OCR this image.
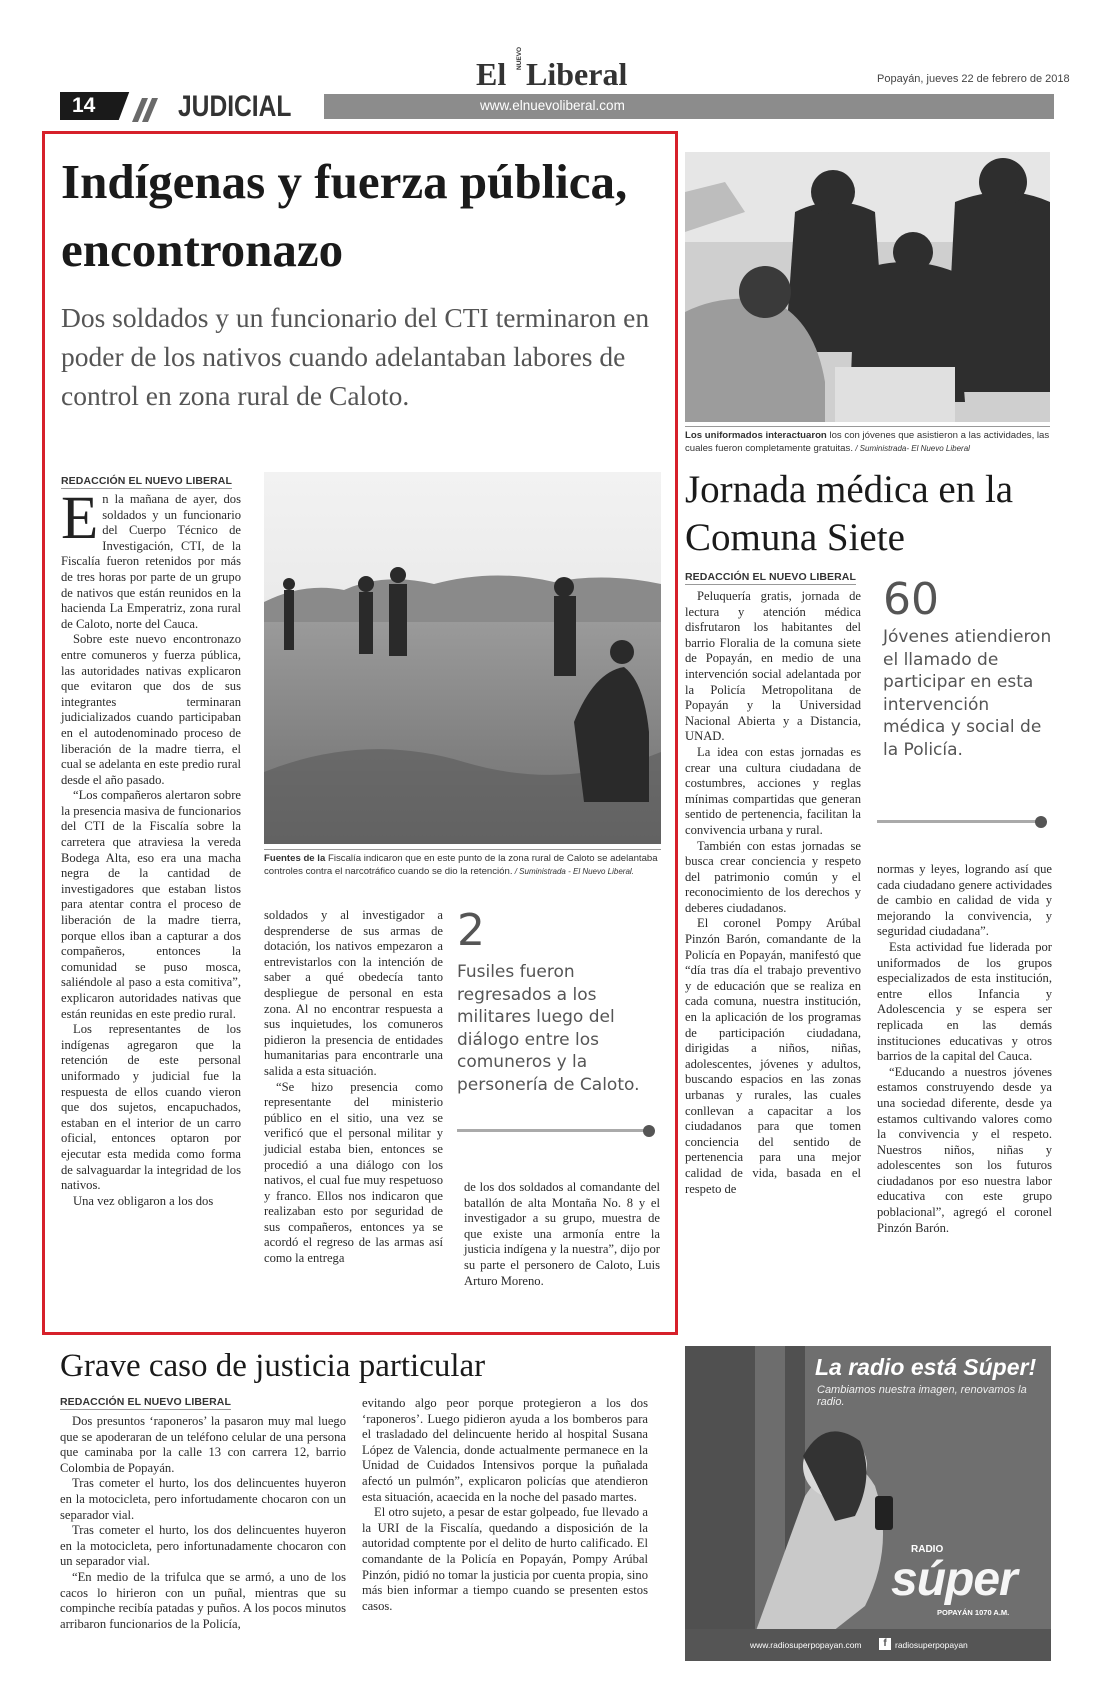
14	JUDICIAL
El NUEVO Liberal
www.elnuevoliberal.com
Popayán, jueves 22 de febrero de 2018
Indígenas y fuerza pública, encontronazo
Dos soldados y un funcionario del CTI terminaron en poder de los nativos cuando adelantaban labores de control en zona rural de Caloto.
REDACCIÓN EL NUEVO LIBERAL
E n la mañana de ayer, dos soldados y un funcionario del Cuerpo Técnico de Investigación, CTI, de la Fiscalía fueron retenidos por más de tres horas por parte de un grupo de nativos que están reunidos en la hacienda La Emperatriz, zona rural de Caloto, norte del Cauca.

Sobre este nuevo encontronazo entre comuneros y fuerza pública, las autoridades nativas explicaron que evitaron que dos de sus integrantes terminaran judicializados cuando participaban en el autodenominado proceso de liberación de la madre tierra, el cual se adelanta en este predio rural desde el año pasado.

“Los compañeros alertaron sobre la presencia masiva de funcionarios del CTI de la Fiscalía sobre la carretera que atraviesa la vereda Bodega Alta, eso era una macha negra de la cantidad de investigadores que estaban listos para atentar contra el proceso de liberación de la madre tierra, porque ellos iban a capturar a dos compañeros, entonces la comunidad se puso mosca, saliéndole al paso a esta comitiva”, explicaron autoridades nativas que están reunidas en este predio rural.

Los representantes de los indígenas agregaron que la retención de este personal uniformado y judicial fue la respuesta de ellos cuando vieron que dos sujetos, encapuchados, estaban en el interior de un carro oficial, entonces optaron por ejecutar esta medida como forma de salvaguardar la integridad de los nativos.

Una vez obligaron a los dos

Fuentes de la Fiscalía indicaron que en este punto de la zona rural de Caloto se adelantaba controles contra el narcotráfico cuando se dio la retención. / Suministrada - El Nuevo Liberal.

soldados y al investigador a desprenderse de sus armas de dotación, los nativos empezaron a entrevistarlos con la intención de saber a qué obedecía tanto despliegue de personal en esta zona. Al no encontrar respuesta a sus inquietudes, los comuneros pidieron la presencia de entidades humanitarias para encontrarle una salida a esta situación.

“Se hizo presencia como representante del ministerio público en el sitio, una vez se verificó que el personal militar y judicial estaba bien, entonces se procedió a una diálogo con los nativos, el cual fue muy respetuoso y franco. Ellos nos indicaron que realizaban esto por seguridad de sus compañeros, entonces ya se acordó el regreso de las armas así como la entrega

2
Fusiles fueron regresados a los militares luego del diálogo entre los comuneros y la personería de Caloto.

de los dos soldados al comandante del batallón de alta Montaña No. 8 y el investigador a su grupo, muestra de que existe una armonía entre la justicia indígena y la nuestra”, dijo por su parte el personero de Caloto, Luis Arturo Moreno.

Los uniformados interactuaron los con jóvenes que asistieron a las actividades, las cuales fueron completamente gratuitas. / Suministrada- El Nuevo Liberal
Jornada médica en la Comuna Siete
REDACCIÓN EL NUEVO LIBERAL

Peluquería gratis, jornada de lectura y atención médica disfrutaron los habitantes del barrio Floralia de la comuna siete de Popayán, en medio de una intervención social adelantada por la Policía Metropolitana de Popayán y la Universidad Nacional Abierta y a Distancia, UNAD.

La idea con estas jornadas es crear una cultura ciudadana de costumbres, acciones y reglas mínimas compartidas que generan sentido de pertenencia, facilitan la convivencia urbana y rural.

También con estas jornadas se busca crear conciencia y respeto del patrimonio común y el reconocimiento de los derechos y deberes ciudadanos.

El coronel Pompy Arúbal Pinzón Barón, comandante de la Policía en Popayán, manifestó que “día tras día el trabajo preventivo y de educación que se realiza en cada comuna, nuestra institución, en la aplicación de los programas de participación ciudadana, dirigidas a niños, niñas, adolescentes, jóvenes y adultos, buscando espacios en las zonas urbanas y rurales, las cuales conllevan a capacitar a los ciudadanos para que tomen conciencia del sentido de pertenencia para una mejor calidad de vida, basada en el respeto de

60
Jóvenes atiendieron el llamado de participar en esta intervención médica y social de la Policía.

normas y leyes, logrando así que cada ciudadano genere actividades de cambio en calidad de vida y mejorando la convivencia, y seguridad ciudadana”.

Esta actividad fue liderada por uniformados de los grupos especializados de esta institución, entre ellos Infancia y Adolescencia y se espera ser replicada en las demás instituciones educativas y otros barrios de la capital del Cauca.

“Educando a nuestros jóvenes estamos construyendo desde ya una sociedad diferente, desde ya estamos cultivando valores como la convivencia y el respeto. Nuestros niños, niñas y adolescentes son los futuros ciudadanos por eso nuestra labor educativa con este grupo poblacional”, agregó el coronel Pinzón Barón.

Grave caso de justicia particular
REDACCIÓN EL NUEVO LIBERAL

Dos presuntos ‘raponeros’ la pasaron muy mal luego que se apoderaran de un teléfono celular de una persona que caminaba por la calle 13 con carrera 12, barrio Colombia de Popayán.

Tras cometer el hurto, los dos delincuentes huyeron en la motocicleta, pero infortudamente chocaron con un separador vial.

Tras cometer el hurto, los dos delincuentes huyeron en la motocicleta, pero infortunadamente chocaron con un separador vial.

“En medio de la trifulca que se armó, a uno de los cacos lo hirieron con un puñal, mientras que su compinche recibía patadas y puños. A los pocos minutos arribaron funcionarios de la Policía,

evitando algo peor porque protegieron a los dos ‘raponeros’. Luego pidieron ayuda a los bomberos para el trasladado del delincuente herido al hospital Susana López de Valencia, donde actualmente permanece en la Unidad de Cuidados Intensivos porque la puñalada afectó un pulmón”, explicaron policías que atendieron esta situación, acaecida en la noche del pasado martes.

El otro sujeto, a pesar de estar golpeado, fue llevado a la URI de la Fiscalía, quedando a disposición de la autoridad comptente por el delito de hurto calificado. El comandante de la Policía en Popayán, Pompy Arúbal Pinzón, pidió no tomar la justicia por cuenta propia, sino más bien informar a tiempo cuando se presenten estos casos.

La radio está Súper!
Cambiamos nuestra imagen, renovamos la radio.
RADIO
súper
POPAYÁN 1070 A.M.
www.radiosuperpopayan.com	f radiosuperpopayan
